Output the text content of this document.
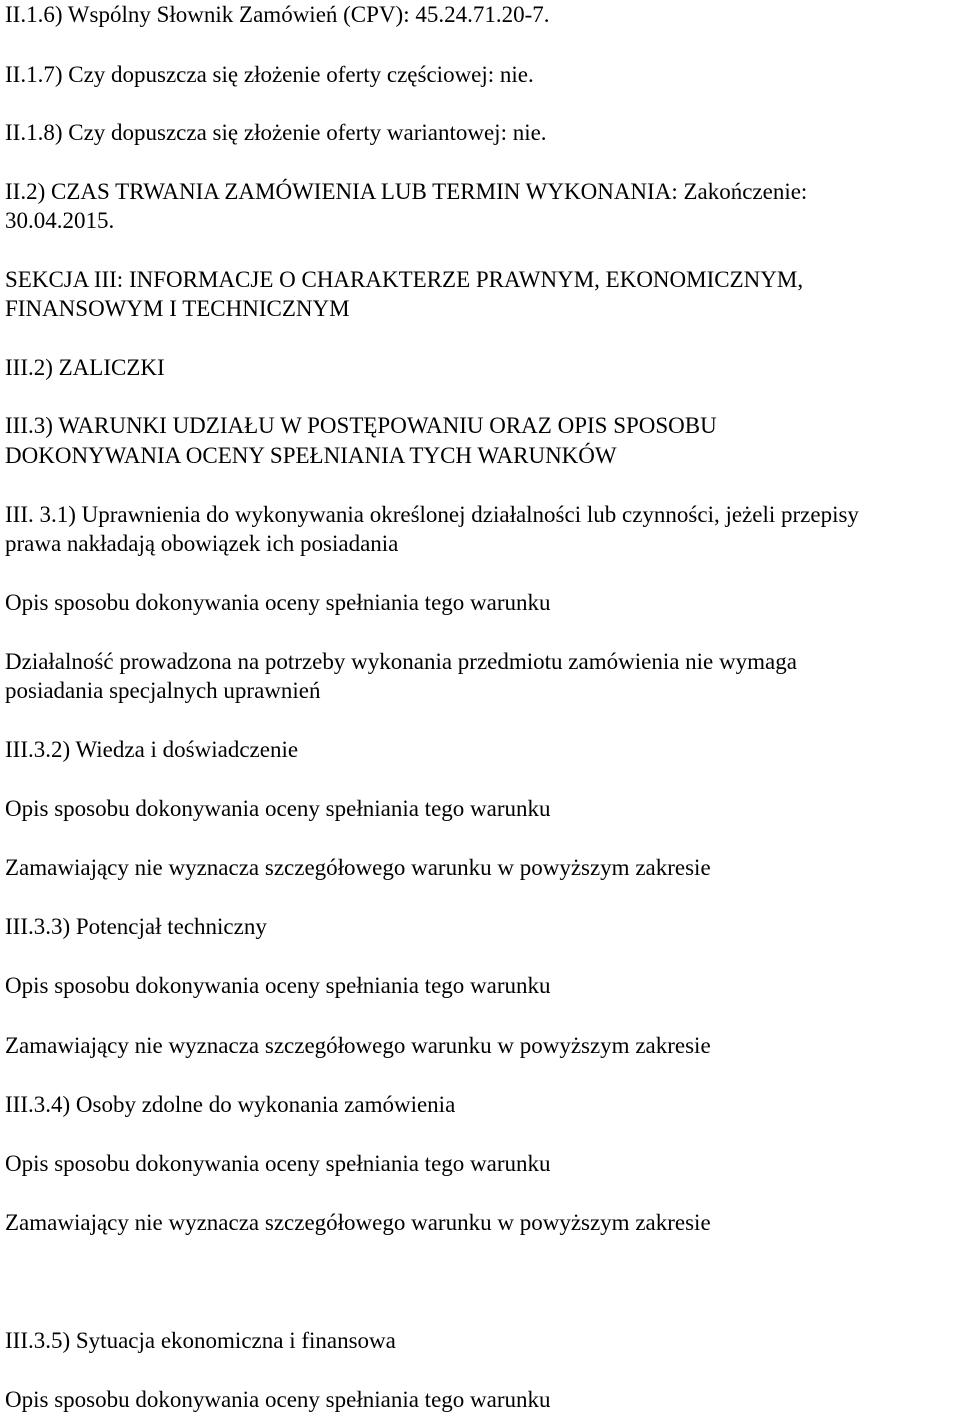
II.1.6) Wspólny Słownik Zamówień (CPV): 45.24.71.20-7.

II.1.7) Czy dopuszcza się złożenie oferty częściowej: nie.

II.1.8) Czy dopuszcza się złożenie oferty wariantowej: nie.

II.2) CZAS TRWANIA ZAMÓWIENIA LUB TERMIN WYKONANIA: Zakończenie:

30.04.2015.

SEKCJA III: INFORMACJE O CHARAKTERZE PRAWNYM, EKONOMICZNYM,

FINANSOWYM I TECHNICZNYM

III.2) ZALICZKI

III.3) WARUNKI UDZIAŁU W POSTĘPOWANIU ORAZ OPIS SPOSOBU

DOKONYWANIA OCENY SPEŁNIANIA TYCH WARUNKÓW

III. 3.1) Uprawnienia do wykonywania określonej działalności lub czynności, jeżeli przepisy

prawa nakładają obowiązek ich posiadania

Opis sposobu dokonywania oceny spełniania tego warunku

Działalność prowadzona na potrzeby wykonania przedmiotu zamówienia nie wymaga

posiadania specjalnych uprawnień

III.3.2) Wiedza i doświadczenie

Opis sposobu dokonywania oceny spełniania tego warunku

Zamawiający nie wyznacza szczegółowego warunku w powyższym zakresie

III.3.3) Potencjał techniczny

Opis sposobu dokonywania oceny spełniania tego warunku

Zamawiający nie wyznacza szczegółowego warunku w powyższym zakresie

III.3.4) Osoby zdolne do wykonania zamówienia

Opis sposobu dokonywania oceny spełniania tego warunku

Zamawiający nie wyznacza szczegółowego warunku w powyższym zakresie

III.3.5) Sytuacja ekonomiczna i finansowa

Opis sposobu dokonywania oceny spełniania tego warunku
